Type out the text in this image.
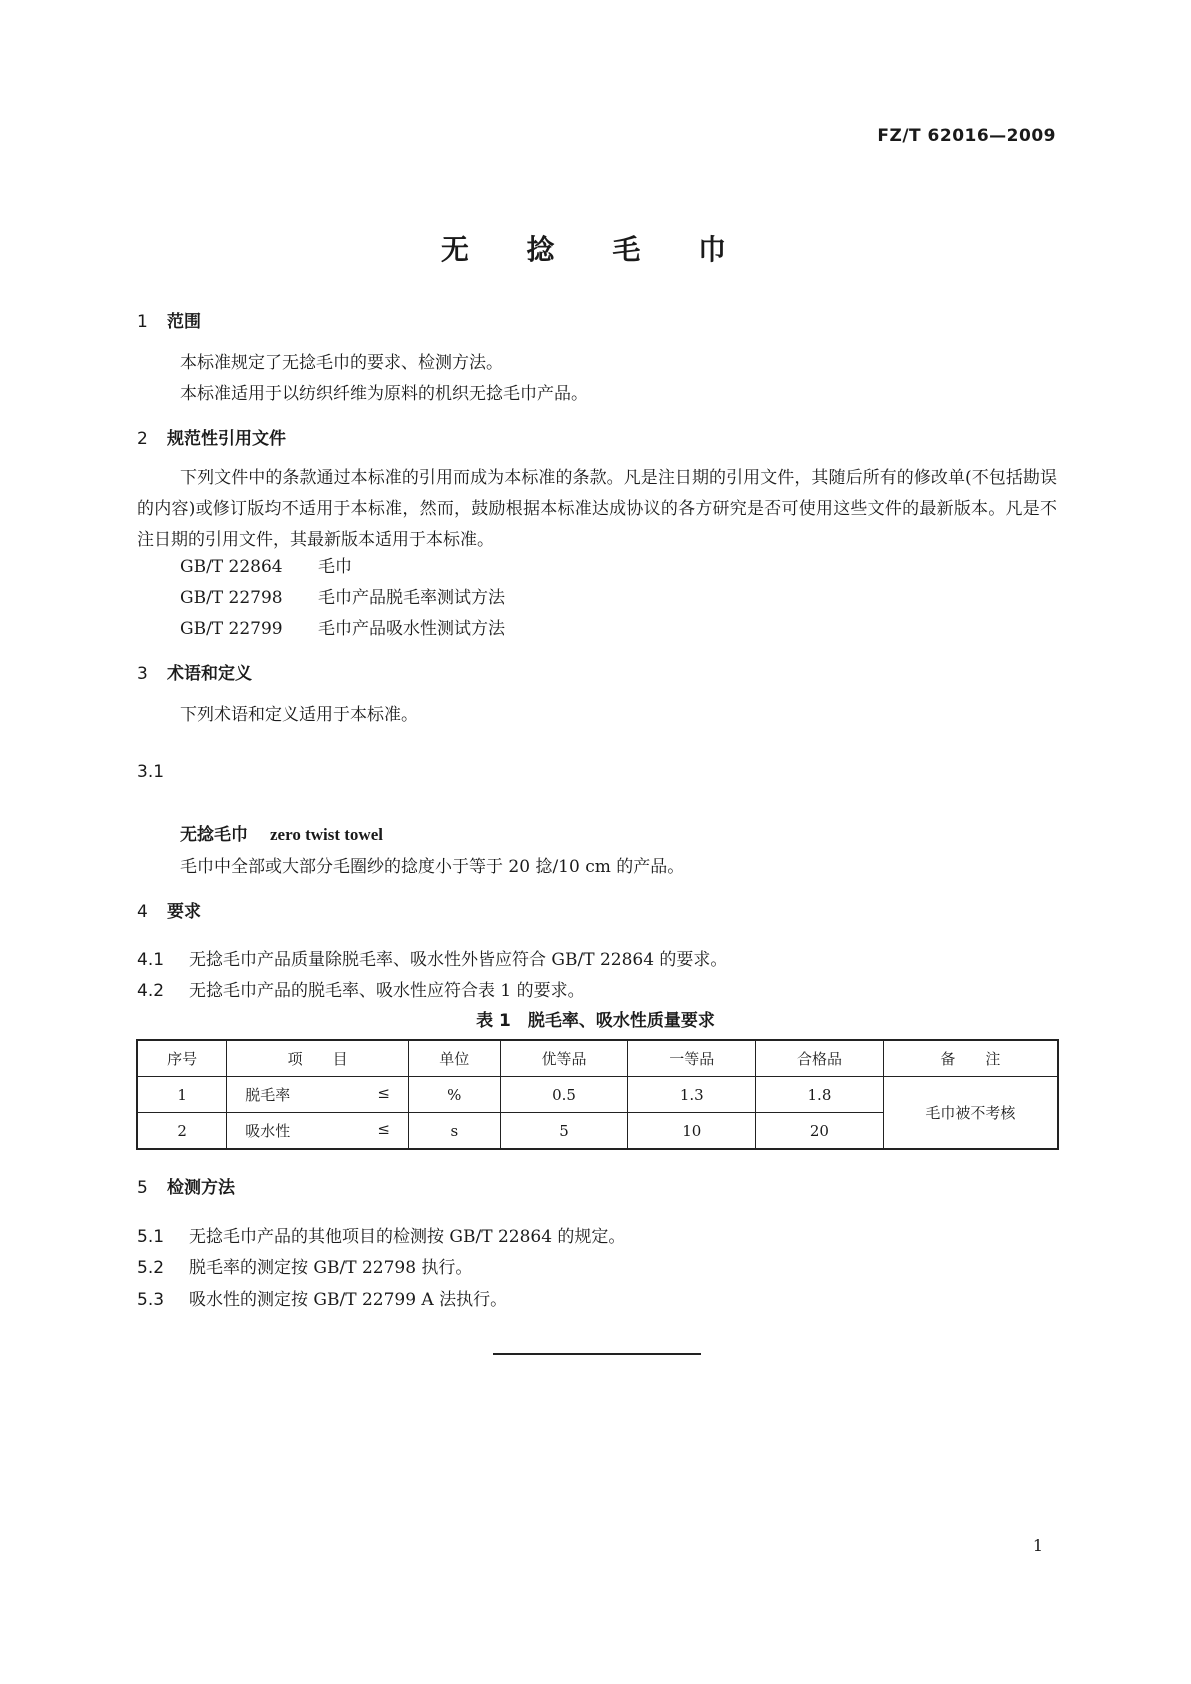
FZ/T 62016—2009
无 捻 毛 巾
1 范围
本标准规定了无捻毛巾的要求、检测方法。
本标准适用于以纺织纤维为原料的机织无捻毛巾产品。
2 规范性引用文件
下列文件中的条款通过本标准的引用而成为本标准的条款。凡是注日期的引用文件，其随后所有的修改单(不包括勘误的内容)或修订版均不适用于本标准，然而，鼓励根据本标准达成协议的各方研究是否可使用这些文件的最新版本。凡是不注日期的引用文件，其最新版本适用于本标准。
GB/T 22864 毛巾
GB/T 22798 毛巾产品脱毛率测试方法
GB/T 22799 毛巾产品吸水性测试方法
3 术语和定义
下列术语和定义适用于本标准。
3.1
无捻毛巾 zero twist towel
毛巾中全部或大部分毛圈纱的捻度小于等于 20 捻/10 cm 的产品。
4 要求
4.1 无捻毛巾产品质量除脱毛率、吸水性外皆应符合 GB/T 22864 的要求。
4.2 无捻毛巾产品的脱毛率、吸水性应符合表 1 的要求。
表 1　脱毛率、吸水性质量要求
序号	项　　目	单位	优等品	一等品	合格品	备　　注
1	脱毛率 ≤	%	0.5	1.3	1.8	毛巾被不考核
2	吸水性 ≤	s	5	10	20	
5 检测方法
5.1 无捻毛巾产品的其他项目的检测按 GB/T 22864 的规定。
5.2 脱毛率的测定按 GB/T 22798 执行。
5.3 吸水性的测定按 GB/T 22799 A 法执行。
1
